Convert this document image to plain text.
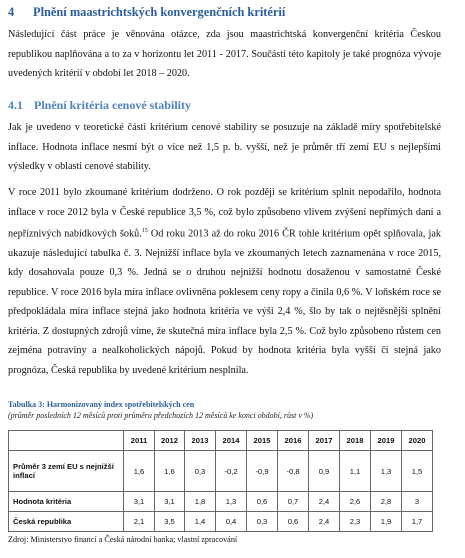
4 Plnění maastrichtských konvergenčních kritérií
Následující část práce je věnována otázce, zda jsou maastrichtská konvergenční kritéria Českou republikou naplňována a to za v horizontu let 2011 - 2017. Součástí této kapitoly je také prognóza vývoje uvedených kritérií v období let 2018 – 2020.
4.1 Plnění kritéria cenové stability
Jak je uvedeno v teoretické části kritérium cenové stability se posuzuje na základě míry spotřebitelské inflace. Hodnota inflace nesmí být o více než 1,5 p. b. vyšší, než je průměr tří zemí EU s nejlepšími výsledky v oblasti cenové stability.
V roce 2011 bylo zkoumané kritérium dodrženo. O rok později se kritérium splnit nepodařilo, hodnota inflace v roce 2012 byla v České republice 3,5 %, což bylo způsobeno vlivem zvýšení nepřímých daní a nepříznivých nabídkových šoků.$^{15}$ Od roku 2013 až do roku 2016 ČR tohle kritérium opět splňovala, jak ukazuje následující tabulka č. 3. Nejnižší inflace byla ve zkoumaných letech zaznamenána v roce 2015, kdy dosahovala pouze 0,3 %. Jedná se o druhou nejnižší hodnotu dosaženou v samostatné České republice. V roce 2016 byla míra inflace ovlivněna poklesem ceny ropy a činila 0,6 %. V loňském roce se předpokládala míra inflace stejná jako hodnota kritéria ve výši 2,4 %, šlo by tak o nejtěsnější splnění kritéria. Z dostupných zdrojů víme, že skutečná míra inflace byla 2,5 %. Což bylo způsobeno růstem cen zejména potraviny a nealkoholických nápojů. Pokud by hodnota kritéria byla vyšší či stejná jako prognóza, Česká republika by uvedené kritérium nesplnila.
Tabulka 3: Harmonizovaný index spotřebitelských cen
(průměr posledních 12 měsíců proti průměru předchozích 12 měsíců ke konci období, růst v %)
	2011	2012	2013	2014	2015	2016	2017	2018	2019	2020
Průměr 3 zemí EU s nejnižší inflací	1,6	1,6	0,3	-0,2	-0,9	-0,8	0,9	1,1	1,3	1,5
Hodnota kritéria	3,1	3,1	1,8	1,3	0,6	0,7	2,4	2,6	2,8	3
Česká republika	2,1	3,5	1,4	0,4	0,3	0,6	2,4	2,3	1,9	1,7
Zdroj: Ministerstvo financí a Česká národní banka; vlastní zpracování
